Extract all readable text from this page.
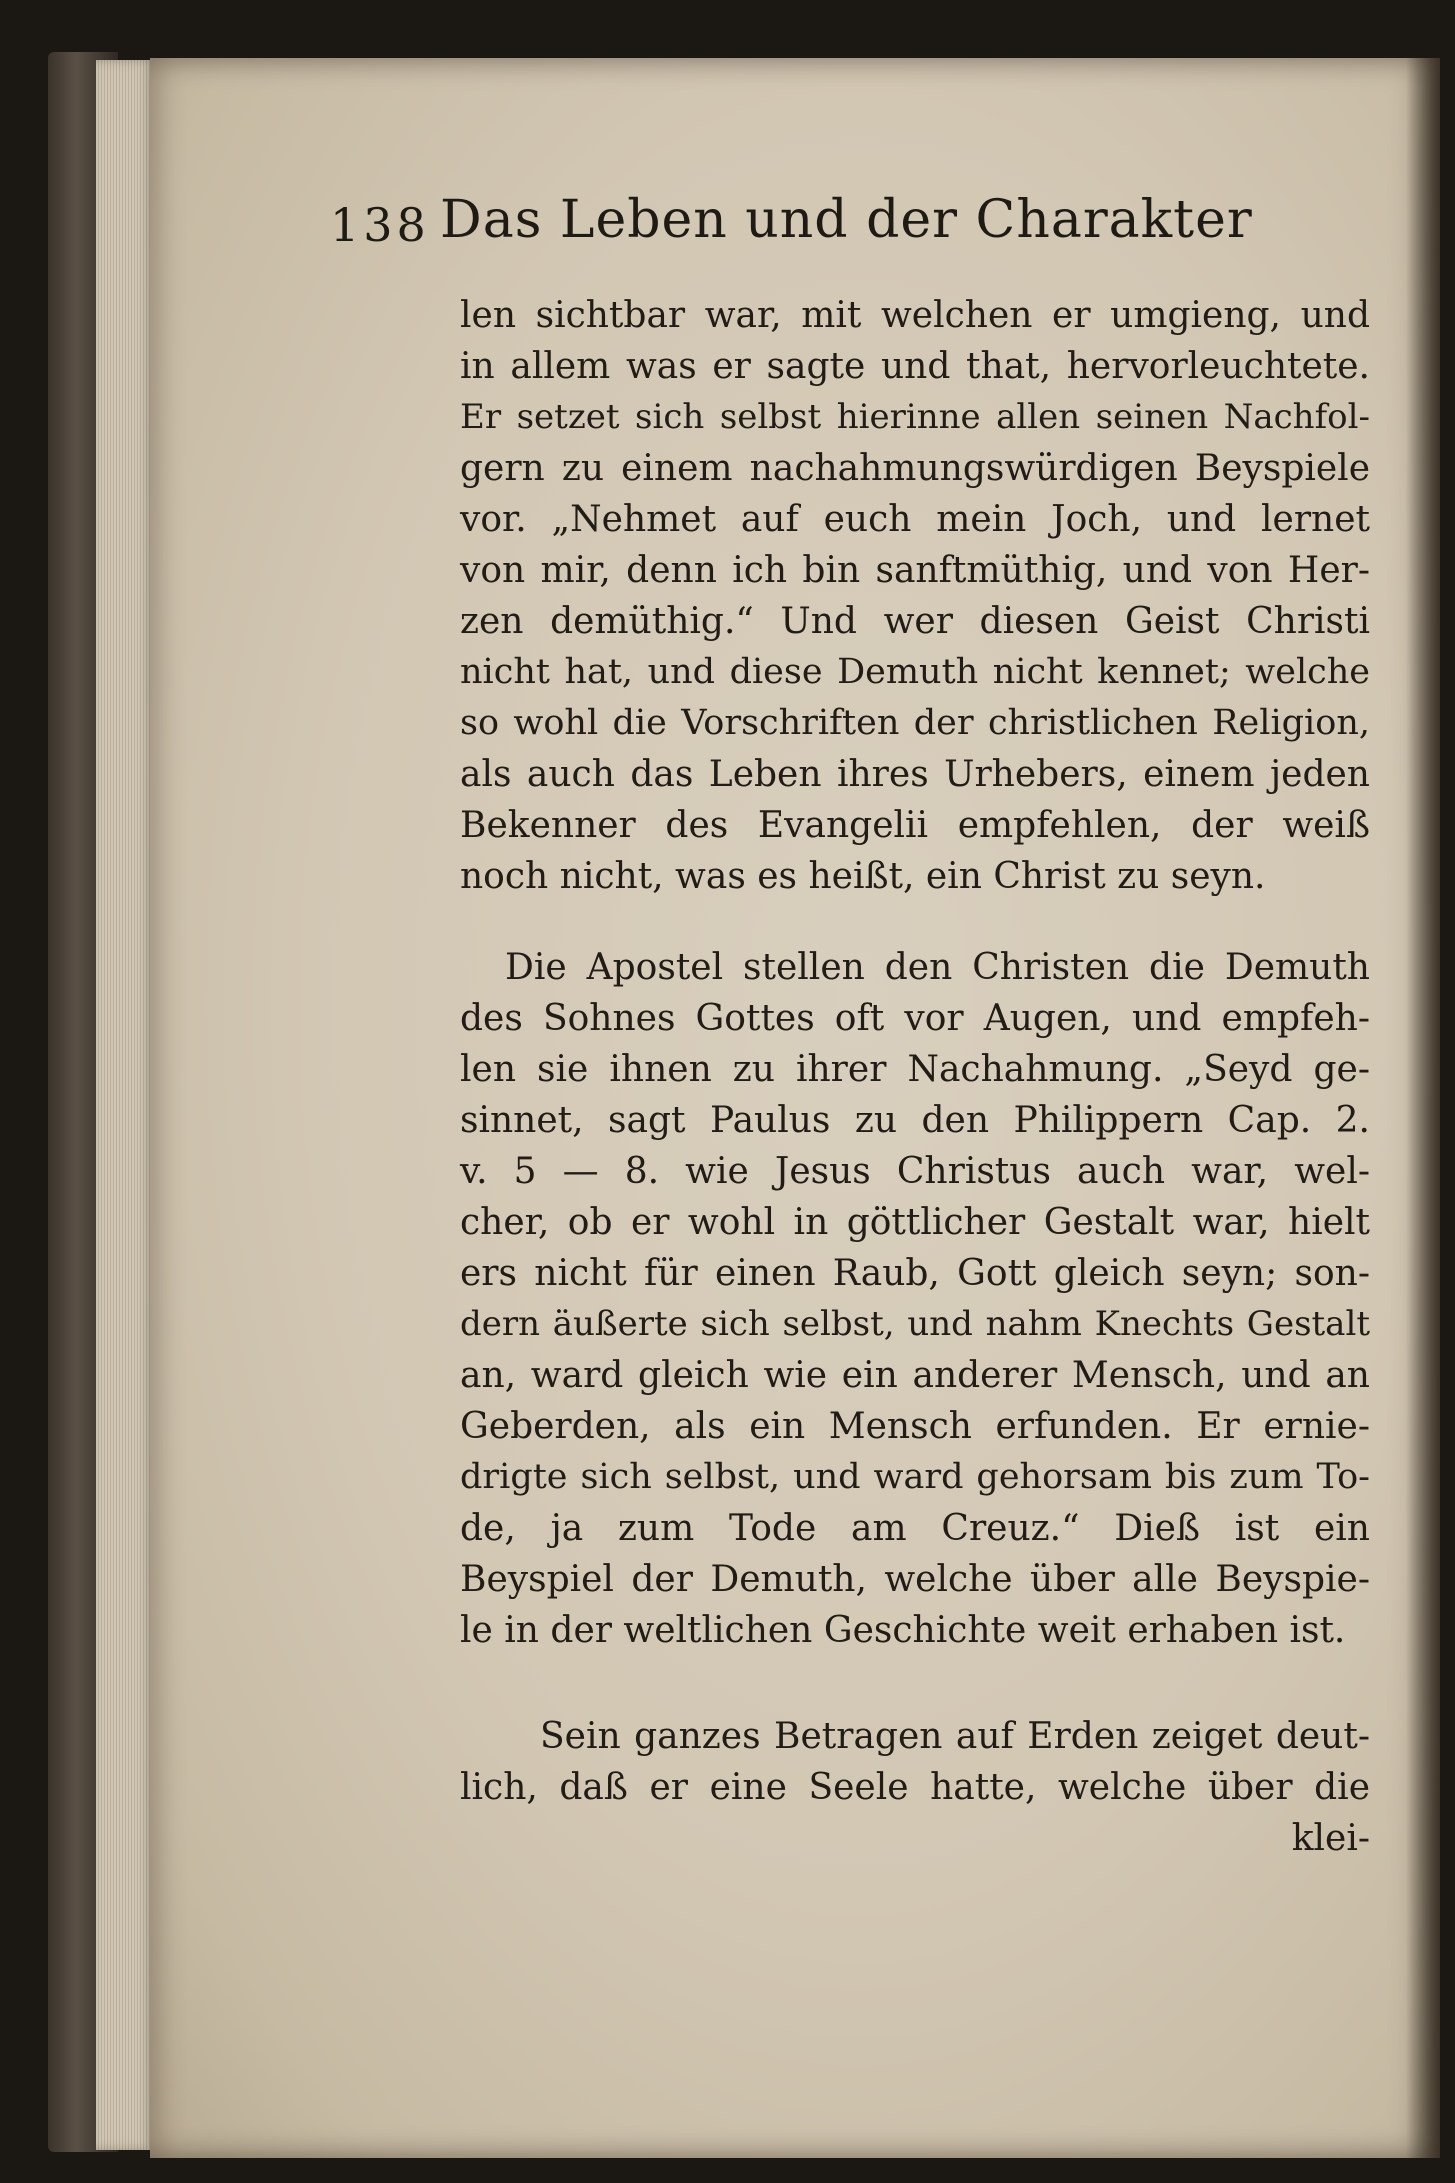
138 Das Leben und der Charakter
len sichtbar war, mit welchen er umgieng, und
in allem was er sagte und that, hervorleuchtete.
Er setzet sich selbst hierinne allen seinen Nachfol-
gern zu einem nachahmungswürdigen Beyspiele
vor. „Nehmet auf euch mein Joch, und lernet
von mir, denn ich bin sanftmüthig, und von Her-
zen demüthig.“ Und wer diesen Geist Christi
nicht hat, und diese Demuth nicht kennet; welche
so wohl die Vorschriften der christlichen Religion,
als auch das Leben ihres Urhebers, einem jeden
Bekenner des Evangelii empfehlen, der weiß
noch nicht, was es heißt, ein Christ zu seyn.
Die Apostel stellen den Christen die Demuth
des Sohnes Gottes oft vor Augen, und empfeh-
len sie ihnen zu ihrer Nachahmung. „Seyd ge-
sinnet, sagt Paulus zu den Philippern Cap. 2.
v. 5 — 8. wie Jesus Christus auch war, wel-
cher, ob er wohl in göttlicher Gestalt war, hielt
ers nicht für einen Raub, Gott gleich seyn; son-
dern äußerte sich selbst, und nahm Knechts Gestalt
an, ward gleich wie ein anderer Mensch, und an
Geberden, als ein Mensch erfunden. Er ernie-
drigte sich selbst, und ward gehorsam bis zum To-
de, ja zum Tode am Creuz.“ Dieß ist ein
Beyspiel der Demuth, welche über alle Beyspie-
le in der weltlichen Geschichte weit erhaben ist.
Sein ganzes Betragen auf Erden zeiget deut-
lich, daß er eine Seele hatte, welche über die
klei-
